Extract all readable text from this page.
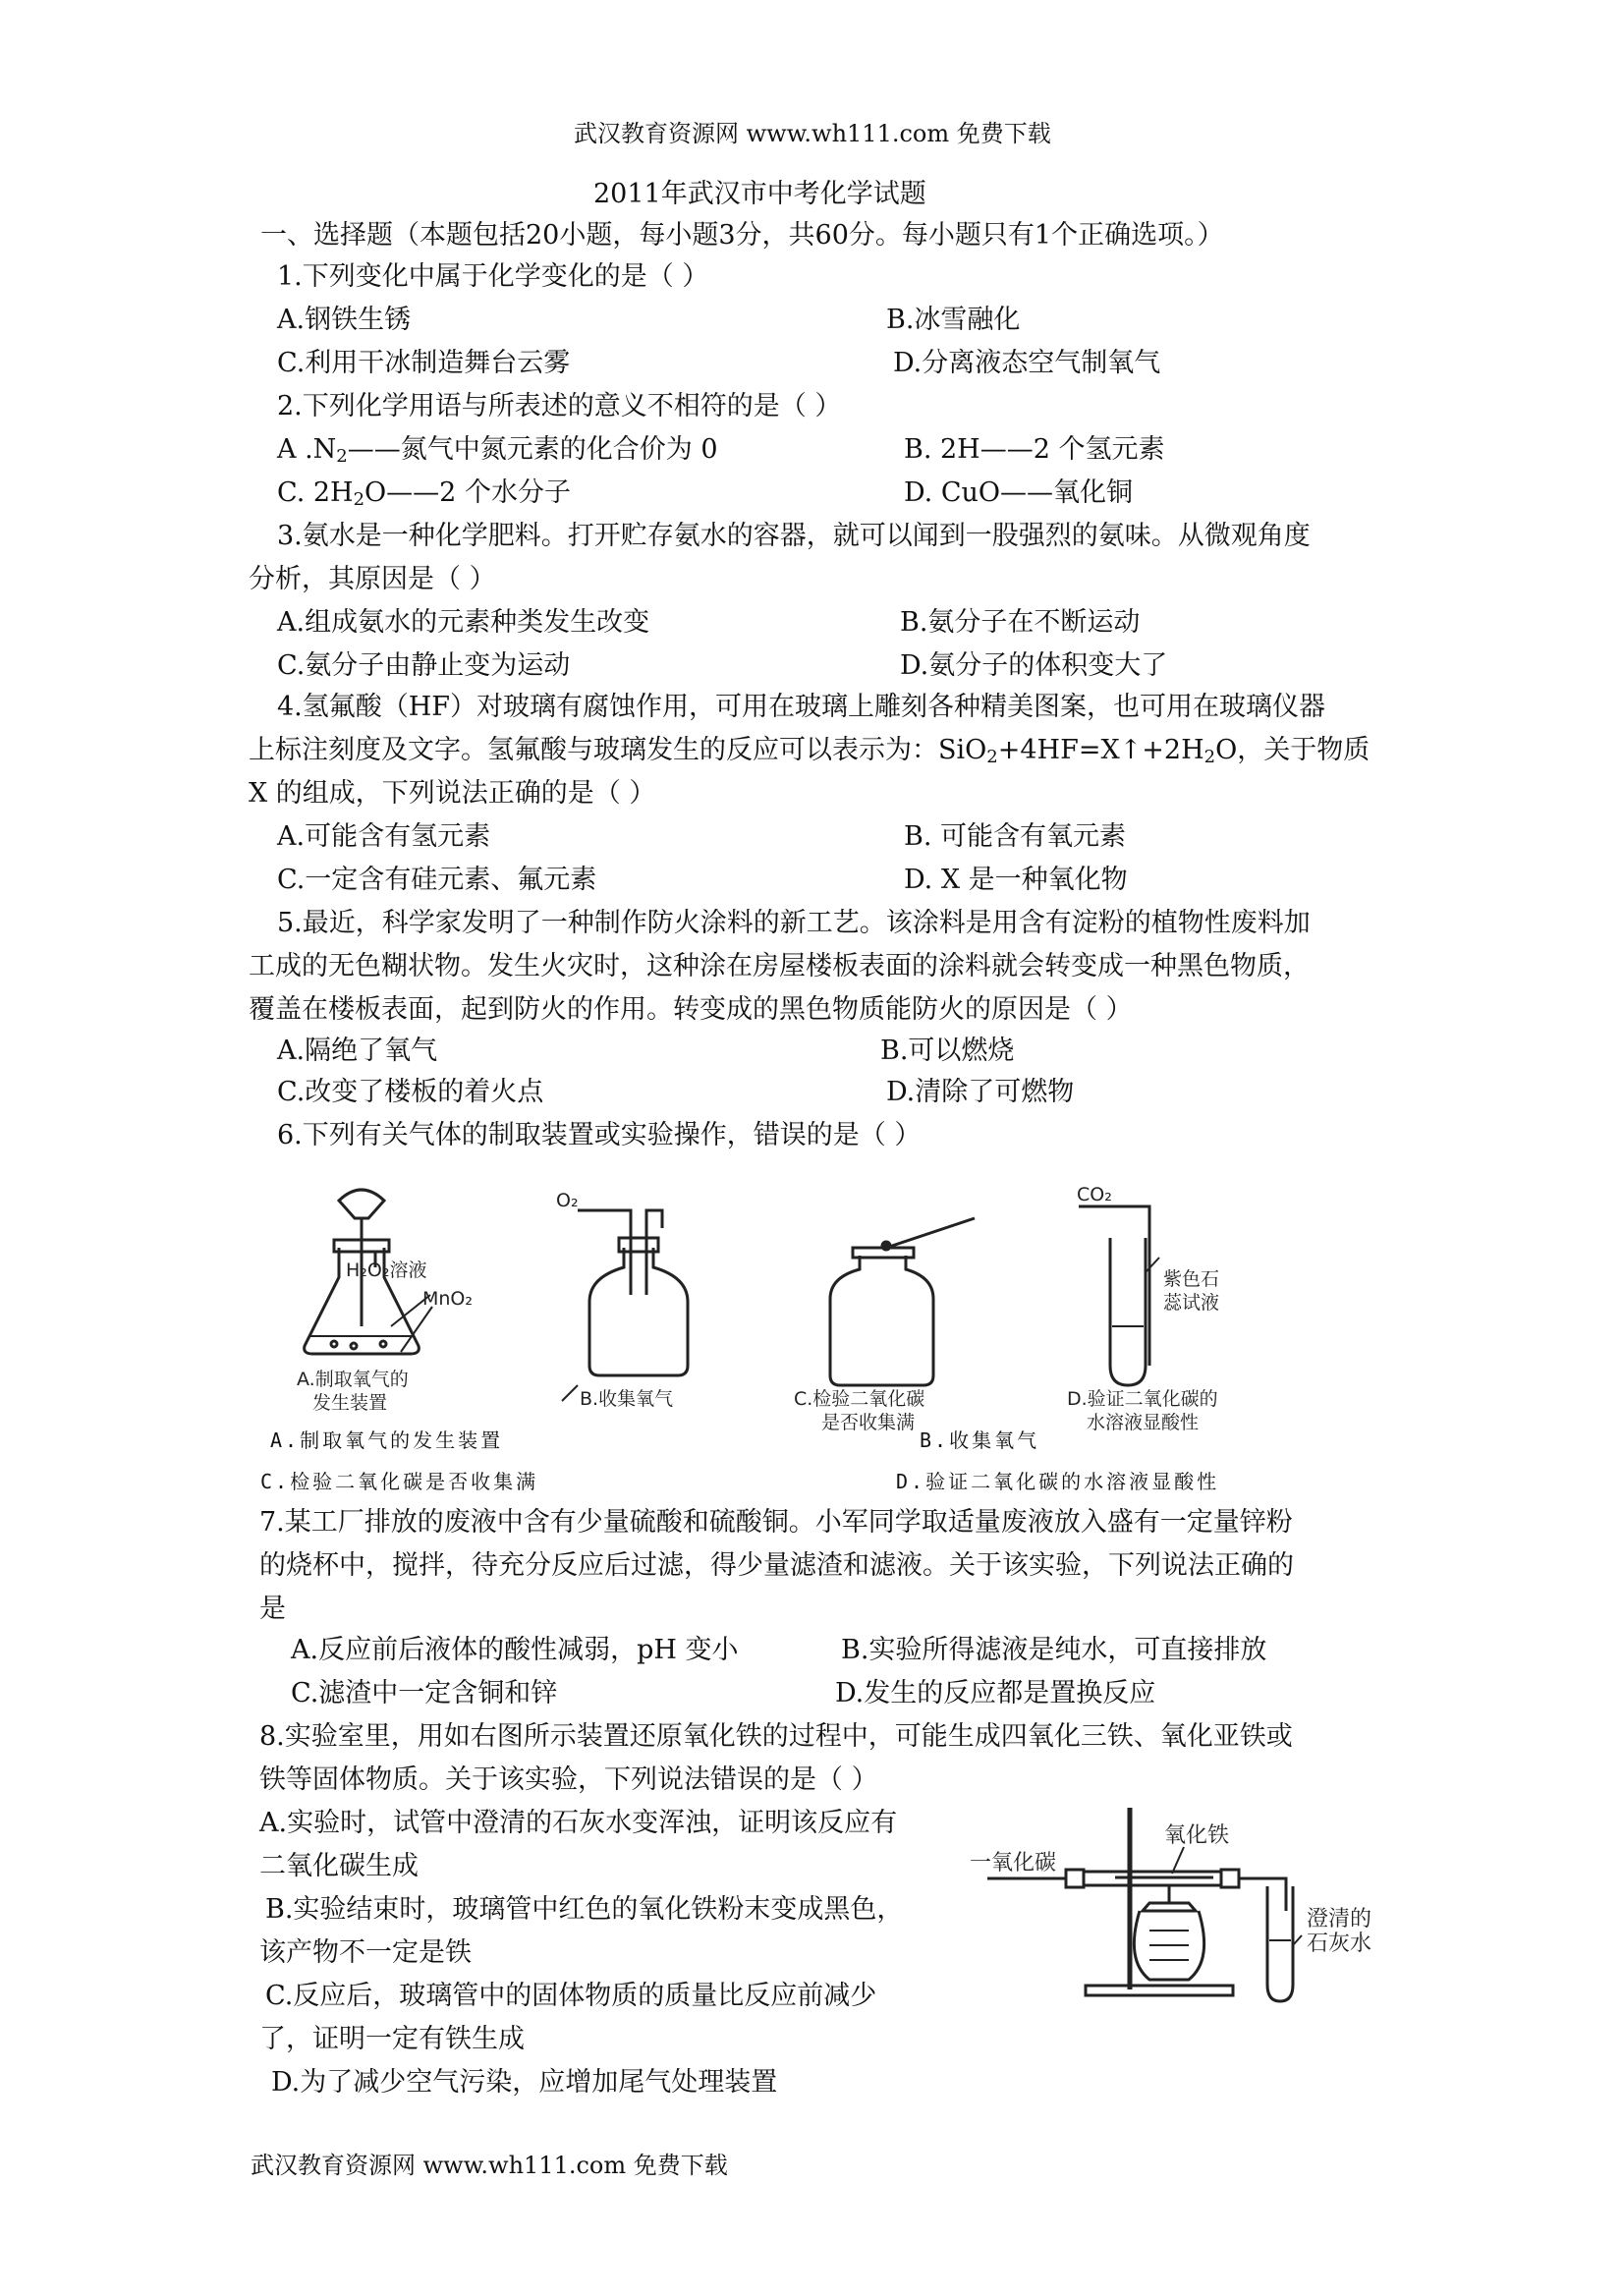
武汉教育资源网 www.wh111.com 免费下载
2011年武汉市中考化学试题
一、选择题（本题包括20小题，每小题3分，共60分。每小题只有1个正确选项。）
1.下列变化中属于化学变化的是（ ）
A.钢铁生锈	B.冰雪融化
C.利用干冰制造舞台云雾	D.分离液态空气制氧气
2.下列化学用语与所表述的意义不相符的是（ ）
A $.N_2——$氮气中氮元素的化合价为 0	B. 2H——2 个氢元素
C. $2H_2O——2$ 个水分子	D. CuO——氧化铜
3.氨水是一种化学肥料。打开贮存氨水的容器，就可以闻到一股强烈的氨味。从微观角度
分析，其原因是（ ）
A.组成氨水的元素种类发生改变	B.氨分子在不断运动
C.氨分子由静止变为运动	D.氨分子的体积变大了
4.氢氟酸（HF）对玻璃有腐蚀作用，可用在玻璃上雕刻各种精美图案，也可用在玻璃仪器
上标注刻度及文字。氢氟酸与玻璃发生的反应可以表示为：$SiO_2+4HF=X↑+2H_2O$，关于物质
X 的组成，下列说法正确的是（ ）
A.可能含有氢元素	B. 可能含有氧元素
C.一定含有硅元素、氟元素	D. X 是一种氧化物
5.最近，科学家发明了一种制作防火涂料的新工艺。该涂料是用含有淀粉的植物性废料加
工成的无色糊状物。发生火灾时，这种涂在房屋楼板表面的涂料就会转变成一种黑色物质，
覆盖在楼板表面，起到防火的作用。转变成的黑色物质能防火的原因是（ ）
A.隔绝了氧气	B.可以燃烧
C.改变了楼板的着火点	D.清除了可燃物
6.下列有关气体的制取装置或实验操作，错误的是（ ）
H₂O₂溶液
MnO₂
A.制取氧气的
发生装置
O₂
B.收集氧气	C.检验二氧化碳
是否收集满
CO₂
紫色石
蕊试液
D.验证二氧化碳的
水溶液显酸性
A.制取氧气的发生装置	B.收集氧气
C.检验二氧化碳是否收集满	D.验证二氧化碳的水溶液显酸性
7.某工厂排放的废液中含有少量硫酸和硫酸铜。小军同学取适量废液放入盛有一定量锌粉
的烧杯中，搅拌，待充分反应后过滤，得少量滤渣和滤液。关于该实验，下列说法正确的
是
A.反应前后液体的酸性减弱，pH 变小	B.实验所得滤液是纯水，可直接排放
C.滤渣中一定含铜和锌	D.发生的反应都是置换反应
8.实验室里，用如右图所示装置还原氧化铁的过程中，可能生成四氧化三铁、氧化亚铁或
铁等固体物质。关于该实验，下列说法错误的是（ ）
A.实验时，试管中澄清的石灰水变浑浊，证明该反应有
二氧化碳生成
B.实验结束时，玻璃管中红色的氧化铁粉末变成黑色，
该产物不一定是铁
C.反应后，玻璃管中的固体物质的质量比反应前减少
了，证明一定有铁生成
D.为了减少空气污染，应增加尾气处理装置
氧化铁
一氧化碳
澄清的
石灰水
武汉教育资源网 www.wh111.com 免费下载
